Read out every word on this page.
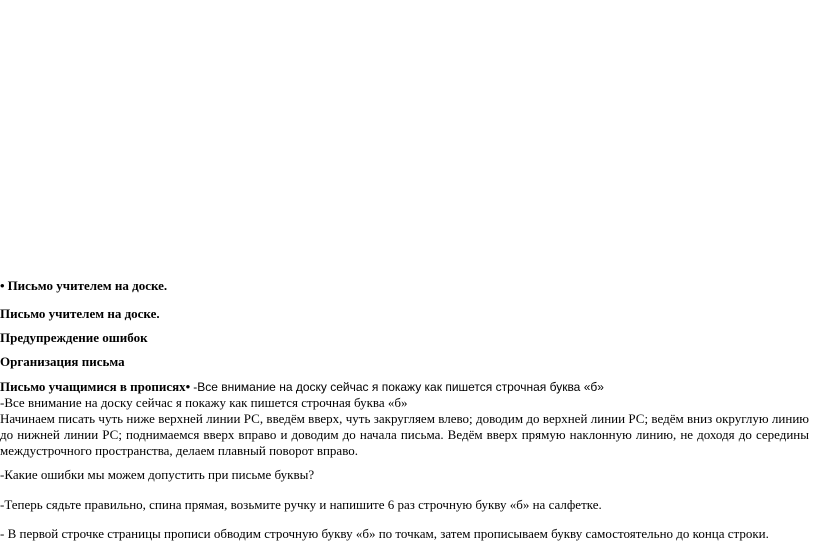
• Письмо учителем на доске.
Письмо учителем на доске.
Предупреждение ошибок
Организация письма
Письмо учащимися в прописях• -Все внимание на доску сейчас я покажу как пишется строчная буква «б»
-Все внимание на доску сейчас я покажу как пишется строчная буква «б»
Начинаем писать чуть ниже верхней линии РС, введём вверх, чуть закругляем влево; доводим до верхней линии РС; ведём вниз округлую линию до нижней линии РС; поднимаемся вверх вправо и доводим до начала письма. Ведём вверх прямую наклонную линию, не доходя до середины междустрочного пространства, делаем плавный поворот вправо.
-Какие ошибки мы можем допустить при письме буквы?
-Теперь сядьте правильно, спина прямая, возьмите ручку и напишите 6 раз строчную букву «б» на салфетке.
- В первой строчке страницы прописи обводим строчную букву «б» по точкам, затем прописываем букву самостоятельно до конца строки.
